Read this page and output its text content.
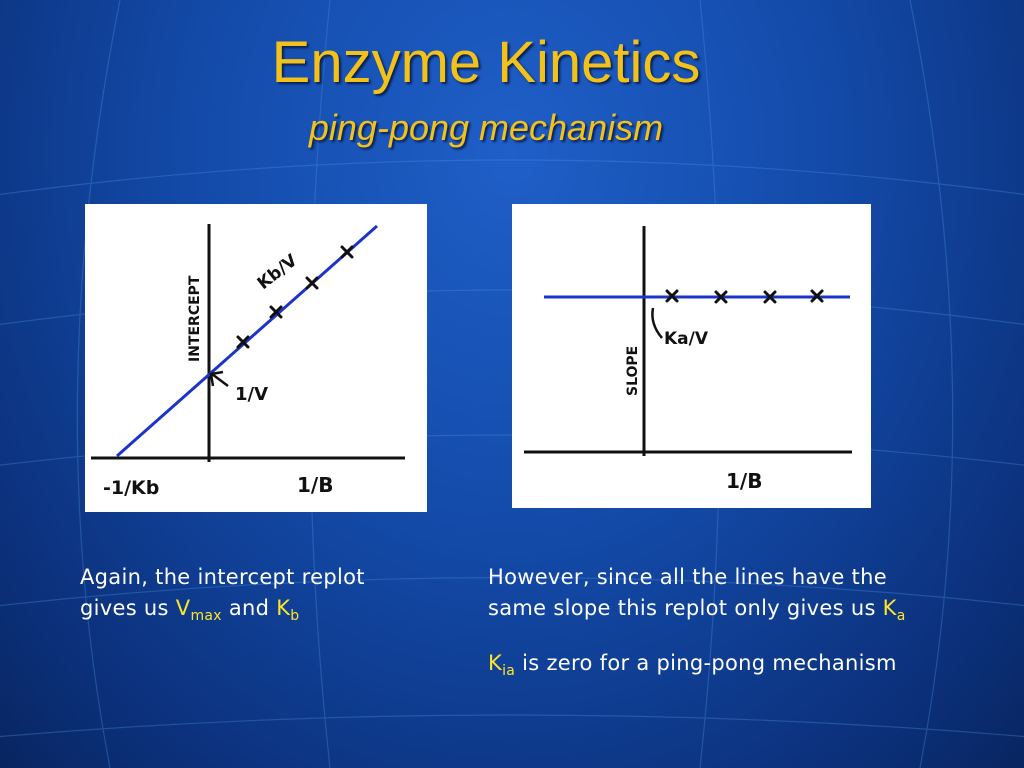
Enzyme Kinetics
ping-pong mechanism
INTERCEPT
Kb/V
1/V
-1/Kb	1/B
SLOPE
Ka/V
1/B
Again, the intercept replot
gives us $V_{max}$ and $K_b$
However, since all the lines have the
same slope this replot only gives us $K_a$
$K_{ia}$ is zero for a ping-pong mechanism
